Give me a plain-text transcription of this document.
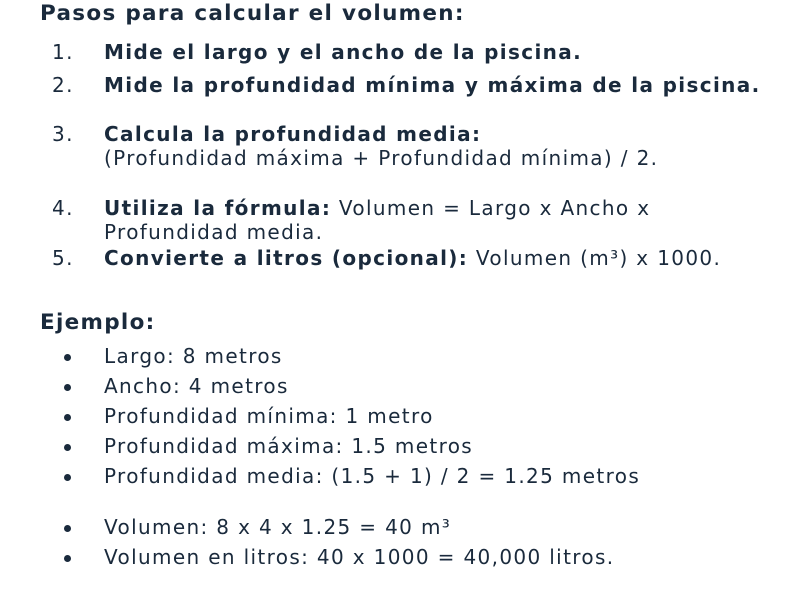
Pasos para calcular el volumen:
1. Mide el largo y el ancho de la piscina.
2. Mide la profundidad mínima y máxima de la piscina.
3. Calcula la profundidad media:
(Profundidad máxima + Profundidad mínima) / 2.
4. Utiliza la fórmula: Volumen = Largo x Ancho x Profundidad media.
5. Convierte a litros (opcional): Volumen (m³) x 1000.
Ejemplo:
Largo: 8 metros
Ancho: 4 metros
Profundidad mínima: 1 metro
Profundidad máxima: 1.5 metros
Profundidad media: (1.5 + 1) / 2 = 1.25 metros
Volumen: 8 x 4 x 1.25 = 40 m³
Volumen en litros: 40 x 1000 = 40,000 litros.
